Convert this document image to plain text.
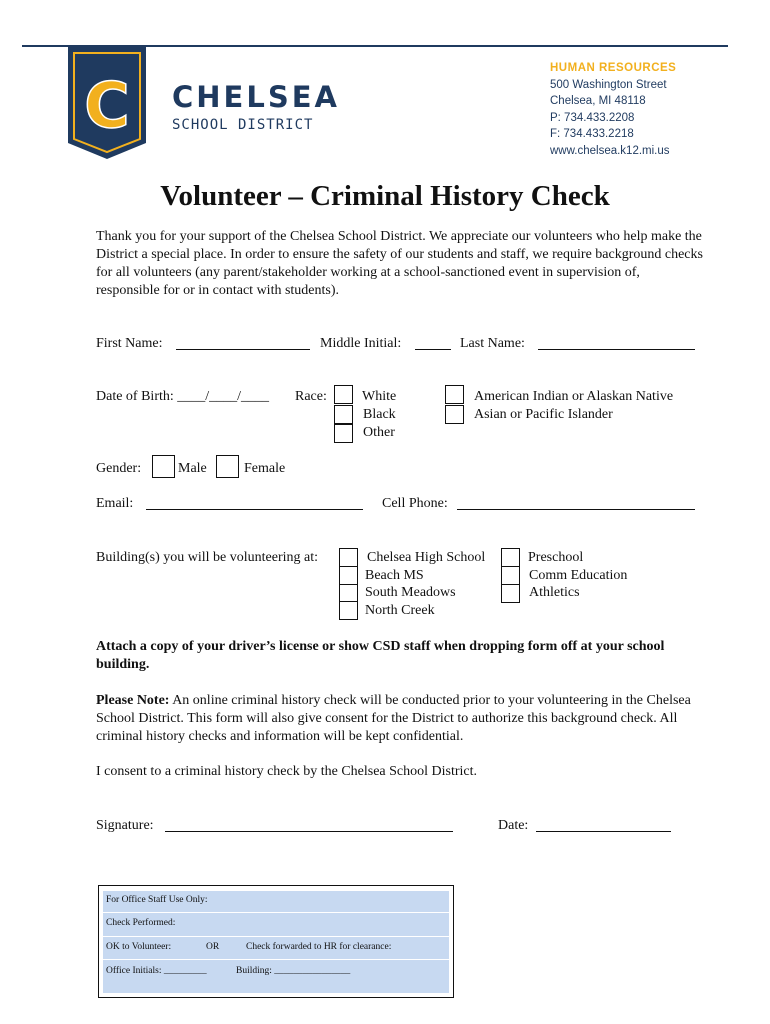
C CHELSEA
SCHOOL DISTRICT
HUMAN RESOURCES
500 Washington Street
Chelsea, MI 48118
P: 734.433.2208
F: 734.433.2218
www.chelsea.k12.mi.us
Volunteer – Criminal History Check
Thank you for your support of the Chelsea School District. We appreciate our volunteers who help make the District a special place. In order to ensure the safety of our students and staff, we require background checks for all volunteers (any parent/stakeholder working at a school-sanctioned event in supervision of, responsible for or in contact with students).
First Name:	Middle Initial:	Last Name:
Date of Birth: ____/____/____ Race:	White
Black
Other
American Indian or Alaskan Native
Asian or Pacific Islander
Gender:	Male	Female
Email:	Cell Phone:
Building(s) you will be volunteering at:	Chelsea High School
Beach MS
South Meadows
North Creek
Preschool
Comm Education
Athletics
Attach a copy of your driver’s license or show CSD staff when dropping form off at your school building.
Please Note: An online criminal history check will be conducted prior to your volunteering in the Chelsea School District. This form will also give consent for the District to authorize this background check. All criminal history checks and information will be kept confidential.
I consent to a criminal history check by the Chelsea School District.
Signature:	Date:
For Office Staff Use Only:
Check Performed:
OK to Volunteer:	OR	Check forwarded to HR for clearance:
Office Initials: _________	Building: ________________
